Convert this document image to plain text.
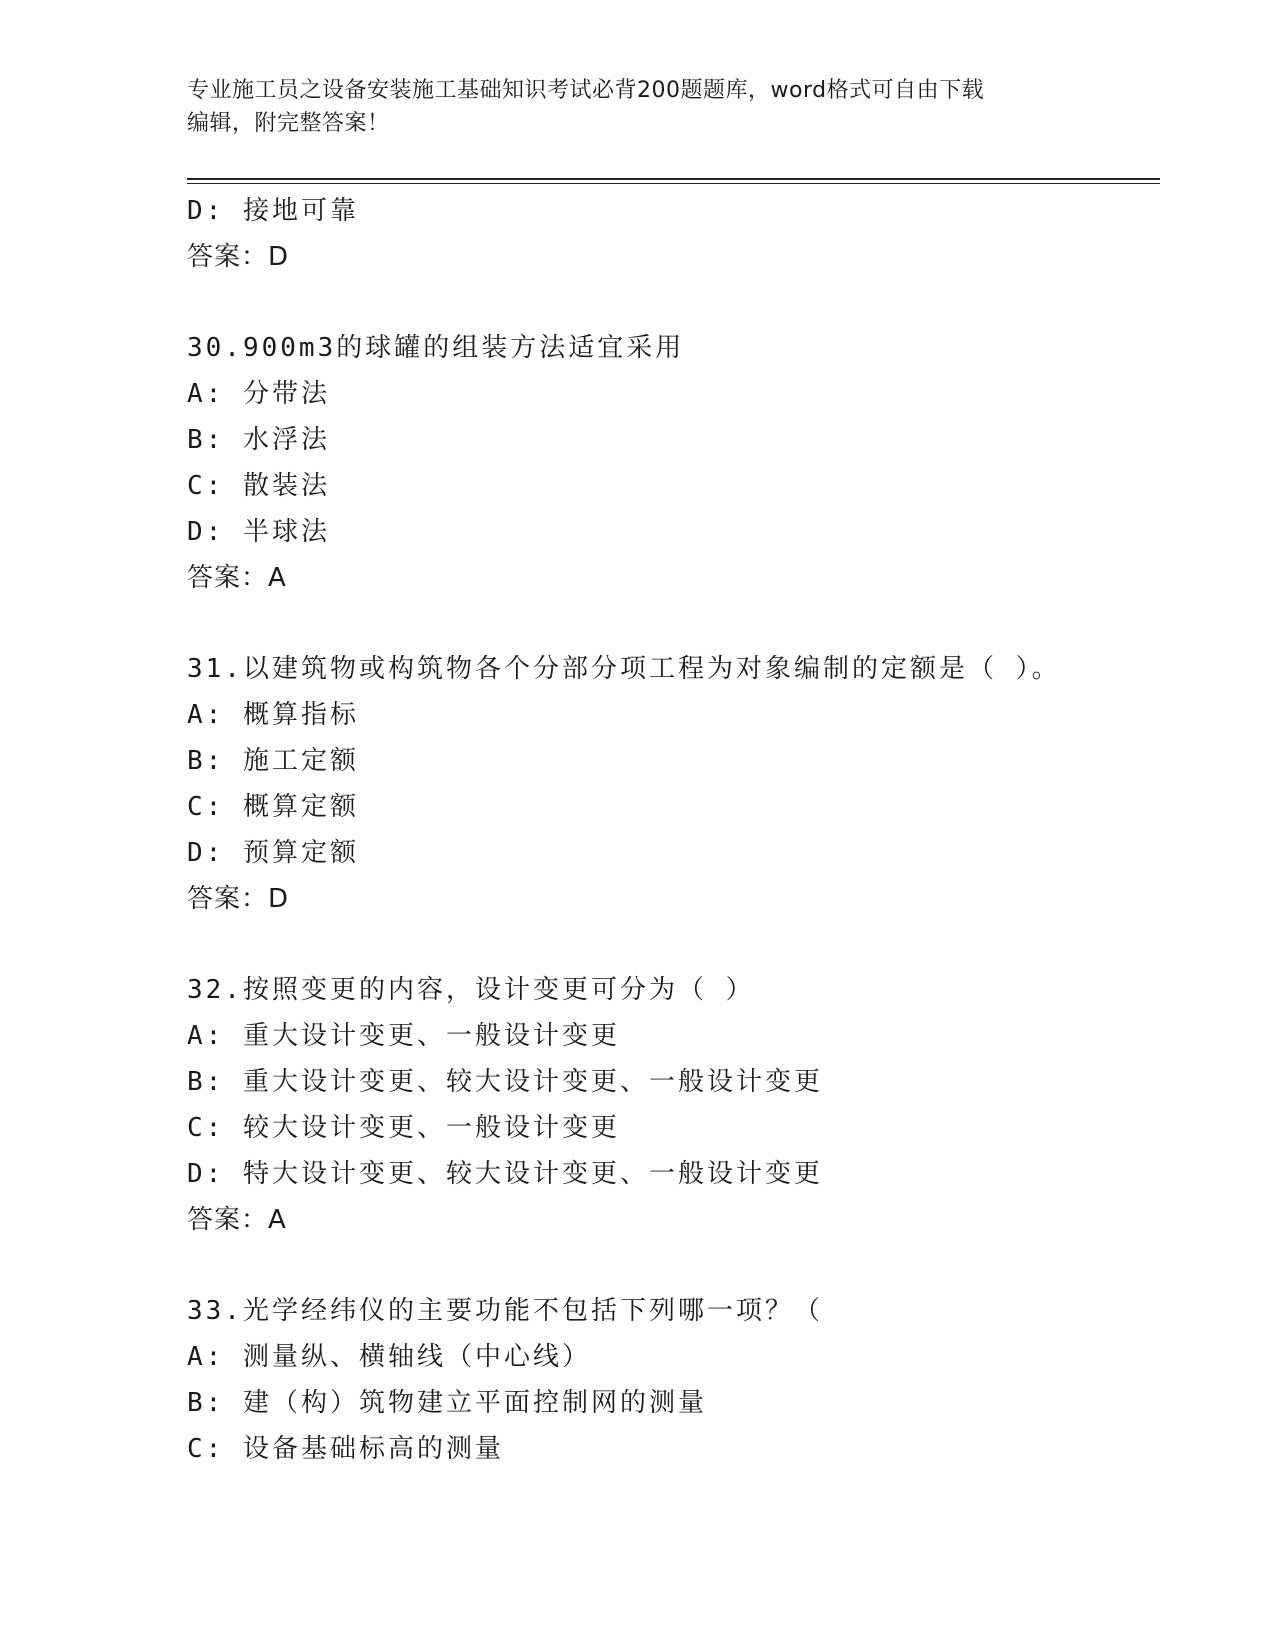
专业施工员之设备安装施工基础知识考试必背200题题库，word格式可自由下载
编辑，附完整答案！
D: 接地可靠
答案：D
30.900m3的球罐的组装方法适宜采用
A: 分带法
B: 水浮法
C: 散装法
D: 半球法
答案：A
31.以建筑物或构筑物各个分部分项工程为对象编制的定额是（ ）。
A: 概算指标
B: 施工定额
C: 概算定额
D: 预算定额
答案：D
32.按照变更的内容，设计变更可分为（ ）
A: 重大设计变更、一般设计变更
B: 重大设计变更、较大设计变更、一般设计变更
C: 较大设计变更、一般设计变更
D: 特大设计变更、较大设计变更、一般设计变更
答案：A
33.光学经纬仪的主要功能不包括下列哪一项？（
A: 测量纵、横轴线（中心线）
B: 建（构）筑物建立平面控制网的测量
C: 设备基础标高的测量
